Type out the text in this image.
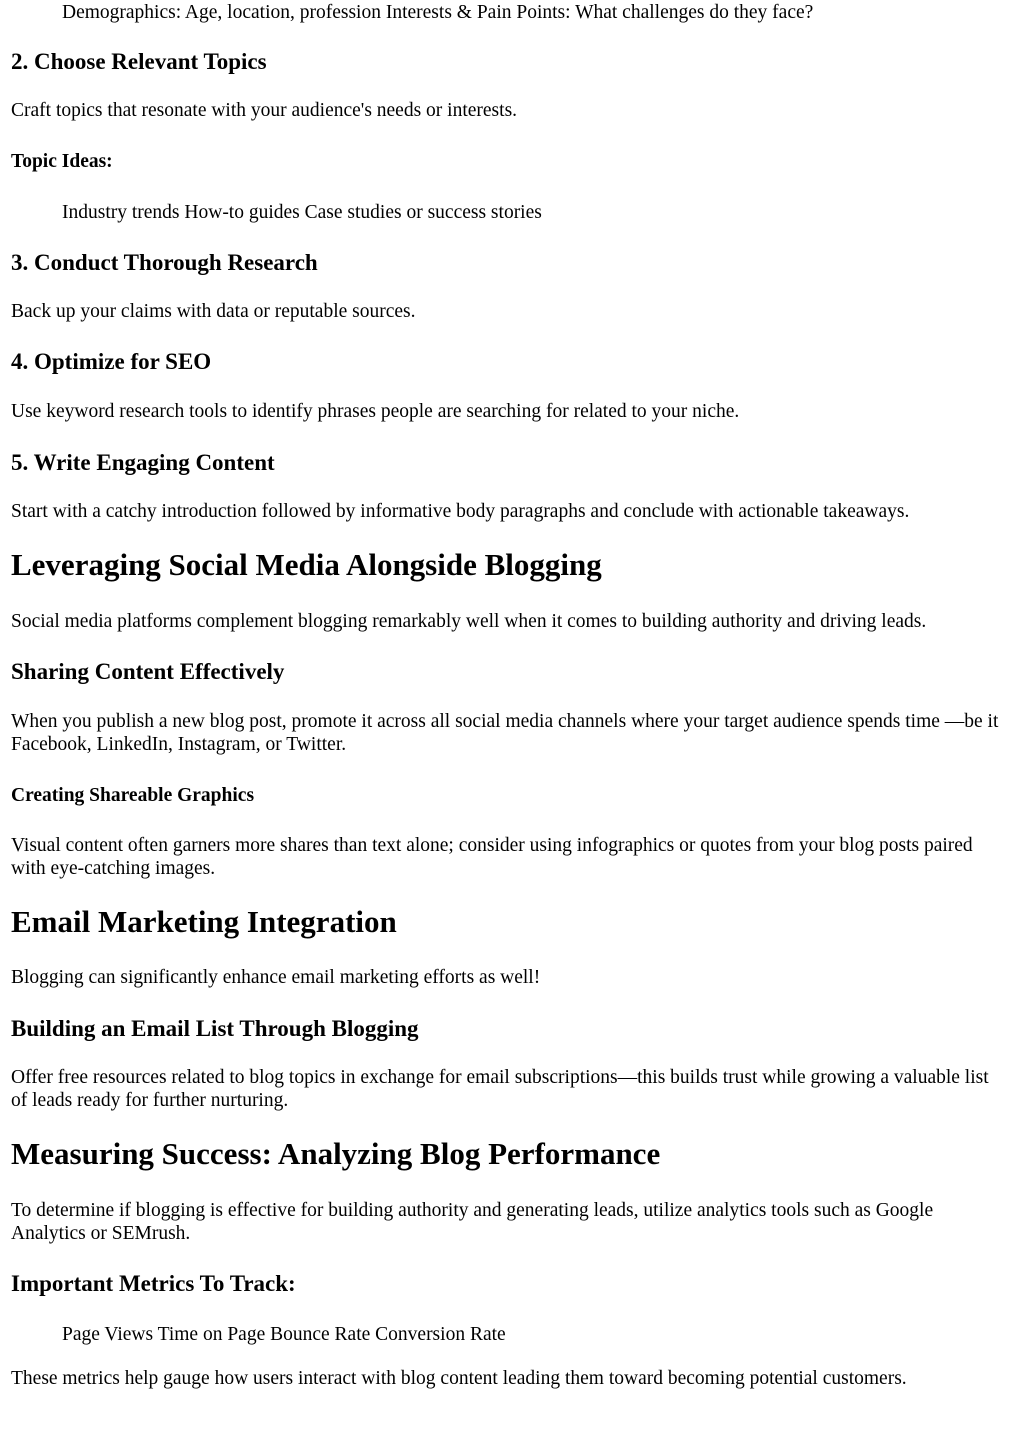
Demographics: Age, location, profession Interests & Pain Points: What challenges do they face?

2. Choose Relevant Topics

Craft topics that resonate with your audience's needs or interests.

Topic Ideas:

Industry trends How-to guides Case studies or success stories

3. Conduct Thorough Research

Back up your claims with data or reputable sources.

4. Optimize for SEO

Use keyword research tools to identify phrases people are searching for related to your niche.

5. Write Engaging Content

Start with a catchy introduction followed by informative body paragraphs and conclude with actionable takeaways.

Leveraging Social Media Alongside Blogging

Social media platforms complement blogging remarkably well when it comes to building authority and driving leads.

Sharing Content Effectively

When you publish a new blog post, promote it across all social media channels where your target audience spends time —be it Facebook, LinkedIn, Instagram, or Twitter.

Creating Shareable Graphics

Visual content often garners more shares than text alone; consider using infographics or quotes from your blog posts paired with eye-catching images.

Email Marketing Integration

Blogging can significantly enhance email marketing efforts as well!

Building an Email List Through Blogging

Offer free resources related to blog topics in exchange for email subscriptions—this builds trust while growing a valuable list of leads ready for further nurturing.

Measuring Success: Analyzing Blog Performance

To determine if blogging is effective for building authority and generating leads, utilize analytics tools such as Google Analytics or SEMrush.

Important Metrics To Track:

Page Views Time on Page Bounce Rate Conversion Rate

These metrics help gauge how users interact with blog content leading them toward becoming potential customers.
